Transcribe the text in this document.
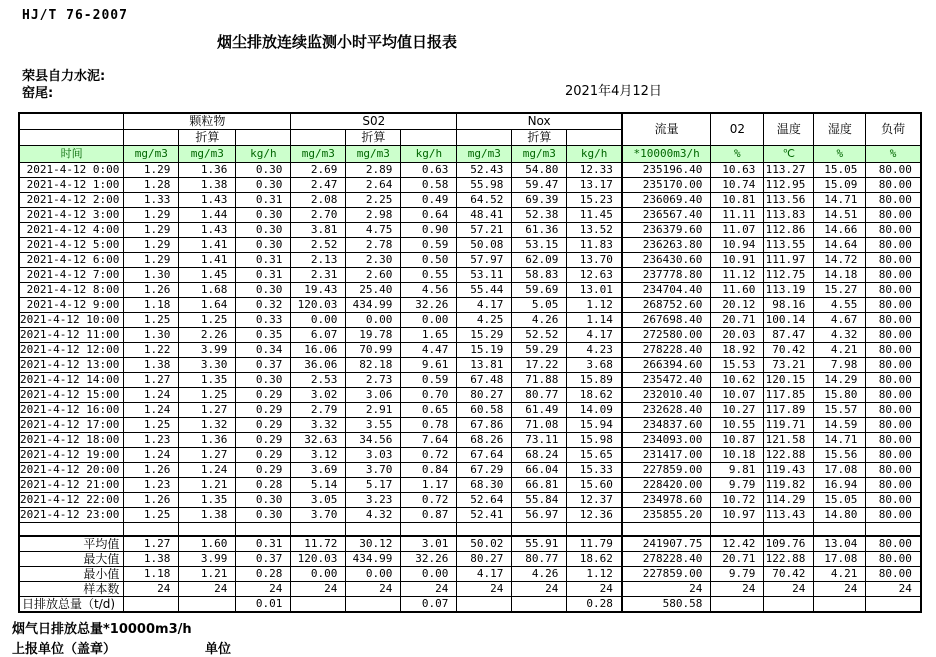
HJ/T 76-2007
烟尘排放连续监测小时平均值日报表
荣县自力水泥:
窑尾:	2021年4月12日
	颗粒物			S02			Nox			流量	02	温度	湿度	负荷
		折算			折算			折算						
时间	mg/m3	mg/m3	kg/h	mg/m3	mg/m3	kg/h	mg/m3	mg/m3	kg/h	*10000m3/h	%	℃	%	%
2021-4-12 0:00	1.29	1.36	0.30	2.69	2.89	0.63	52.43	54.80	12.33	235196.40	10.63	113.27	15.05	80.00
2021-4-12 1:00	1.28	1.38	0.30	2.47	2.64	0.58	55.98	59.47	13.17	235170.00	10.74	112.95	15.09	80.00
2021-4-12 2:00	1.33	1.43	0.31	2.08	2.25	0.49	64.52	69.39	15.23	236069.40	10.81	113.56	14.71	80.00
2021-4-12 3:00	1.29	1.44	0.30	2.70	2.98	0.64	48.41	52.38	11.45	236567.40	11.11	113.83	14.51	80.00
2021-4-12 4:00	1.29	1.43	0.30	3.81	4.75	0.90	57.21	61.36	13.52	236379.60	11.07	112.86	14.66	80.00
2021-4-12 5:00	1.29	1.41	0.30	2.52	2.78	0.59	50.08	53.15	11.83	236263.80	10.94	113.55	14.64	80.00
2021-4-12 6:00	1.29	1.41	0.31	2.13	2.30	0.50	57.97	62.09	13.70	236430.60	10.91	111.97	14.72	80.00
2021-4-12 7:00	1.30	1.45	0.31	2.31	2.60	0.55	53.11	58.83	12.63	237778.80	11.12	112.75	14.18	80.00
2021-4-12 8:00	1.26	1.68	0.30	19.43	25.40	4.56	55.44	59.69	13.01	234704.40	11.60	113.19	15.27	80.00
2021-4-12 9:00	1.18	1.64	0.32	120.03	434.99	32.26	4.17	5.05	1.12	268752.60	20.12	98.16	4.55	80.00
2021-4-12 10:00	1.25	1.25	0.33	0.00	0.00	0.00	4.25	4.26	1.14	267698.40	20.71	100.14	4.67	80.00
2021-4-12 11:00	1.30	2.26	0.35	6.07	19.78	1.65	15.29	52.52	4.17	272580.00	20.03	87.47	4.32	80.00
2021-4-12 12:00	1.22	3.99	0.34	16.06	70.99	4.47	15.19	59.29	4.23	278228.40	18.92	70.42	4.21	80.00
2021-4-12 13:00	1.38	3.30	0.37	36.06	82.18	9.61	13.81	17.22	3.68	266394.60	15.53	73.21	7.98	80.00
2021-4-12 14:00	1.27	1.35	0.30	2.53	2.73	0.59	67.48	71.88	15.89	235472.40	10.62	120.15	14.29	80.00
2021-4-12 15:00	1.24	1.25	0.29	3.02	3.06	0.70	80.27	80.77	18.62	232010.40	10.07	117.85	15.80	80.00
2021-4-12 16:00	1.24	1.27	0.29	2.79	2.91	0.65	60.58	61.49	14.09	232628.40	10.27	117.89	15.57	80.00
2021-4-12 17:00	1.25	1.32	0.29	3.32	3.55	0.78	67.86	71.08	15.94	234837.60	10.55	119.71	14.59	80.00
2021-4-12 18:00	1.23	1.36	0.29	32.63	34.56	7.64	68.26	73.11	15.98	234093.00	10.87	121.58	14.71	80.00
2021-4-12 19:00	1.24	1.27	0.29	3.12	3.03	0.72	67.64	68.24	15.65	231417.00	10.18	122.88	15.56	80.00
2021-4-12 20:00	1.26	1.24	0.29	3.69	3.70	0.84	67.29	66.04	15.33	227859.00	9.81	119.43	17.08	80.00
2021-4-12 21:00	1.23	1.21	0.28	5.14	5.17	1.17	68.30	66.81	15.60	228420.00	9.79	119.82	16.94	80.00
2021-4-12 22:00	1.26	1.35	0.30	3.05	3.23	0.72	52.64	55.84	12.37	234978.60	10.72	114.29	15.05	80.00
2021-4-12 23:00	1.25	1.38	0.30	3.70	4.32	0.87	52.41	56.97	12.36	235855.20	10.97	113.43	14.80	80.00

平均值	1.27	1.60	0.31	11.72	30.12	3.01	50.02	55.91	11.79	241907.75	12.42	109.76	13.04	80.00
最大值	1.38	3.99	0.37	120.03	434.99	32.26	80.27	80.77	18.62	278228.40	20.71	122.88	17.08	80.00
最小值	1.18	1.21	0.28	0.00	0.00	0.00	4.17	4.26	1.12	227859.00	9.79	70.42	4.21	80.00
样本数	24	24	24	24	24	24	24	24	24	24	24	24	24	24
日排放总量（t/d)			0.01			0.07			0.28	580.58				
烟气日排放总量*10000m3/h
上报单位（盖章）	单位
